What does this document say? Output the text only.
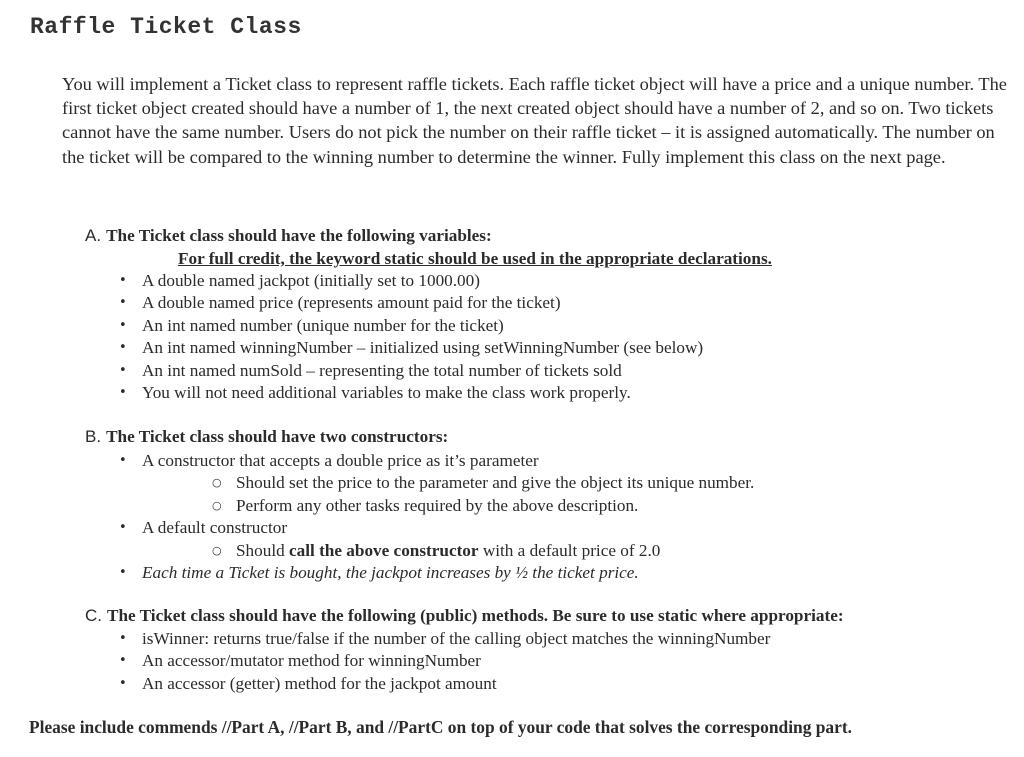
Raffle Ticket Class
You will implement a Ticket class to represent raffle tickets. Each raffle ticket object will have a price and a unique number. The first ticket object created should have a number of 1, the next created object should have a number of 2, and so on. Two tickets cannot have the same number. Users do not pick the number on their raffle ticket – it is assigned automatically. The number on the ticket will be compared to the winning number to determine the winner. Fully implement this class on the next page.
A. The Ticket class should have the following variables:
For full credit, the keyword static should be used in the appropriate declarations.
• A double named jackpot (initially set to 1000.00)
• A double named price (represents amount paid for the ticket)
• An int named number (unique number for the ticket)
• An int named winningNumber – initialized using setWinningNumber (see below)
• An int named numSold – representing the total number of tickets sold
• You will not need additional variables to make the class work properly.
B. The Ticket class should have two constructors:
• A constructor that accepts a double price as it’s parameter
○ Should set the price to the parameter and give the object its unique number.
○ Perform any other tasks required by the above description.
• A default constructor
○ Should call the above constructor with a default price of 2.0
• Each time a Ticket is bought, the jackpot increases by ½ the ticket price.
C. The Ticket class should have the following (public) methods. Be sure to use static where appropriate:
• isWinner: returns true/false if the number of the calling object matches the winningNumber
• An accessor/mutator method for winningNumber
• An accessor (getter) method for the jackpot amount
Please include commends //Part A, //Part B, and //PartC on top of your code that solves the corresponding part.
